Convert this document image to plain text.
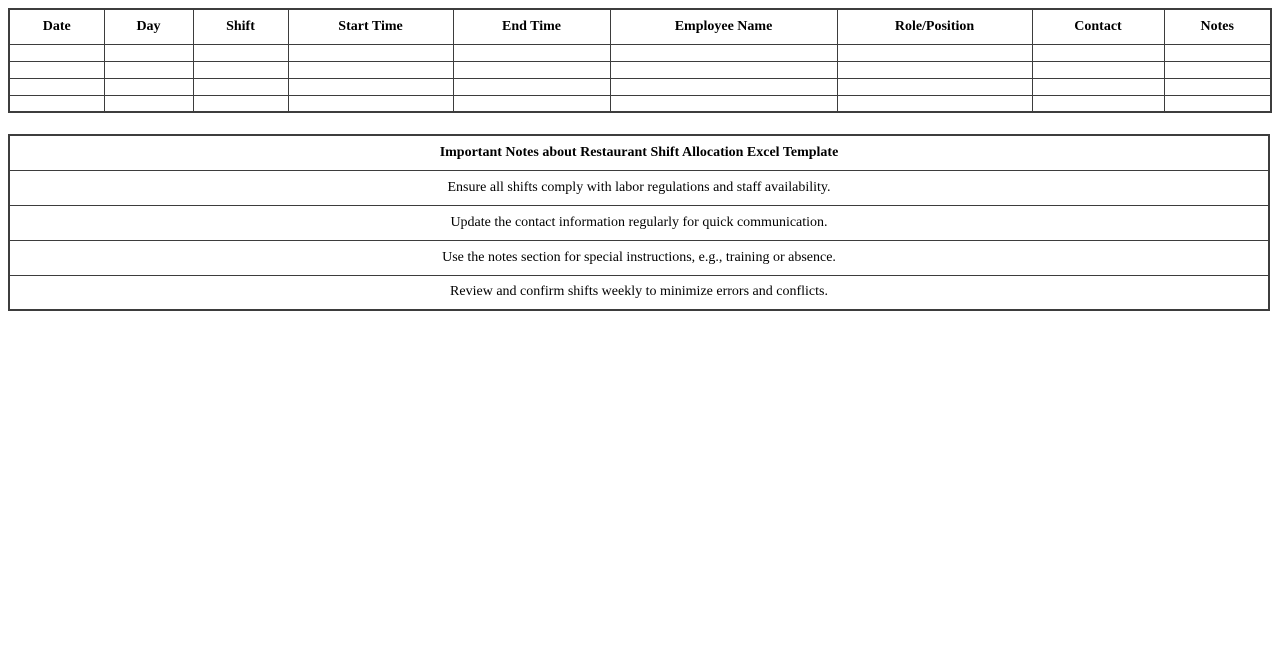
Date	Day	Shift	Start Time	End Time	Employee Name	Role/Position	Contact	Notes

Important Notes about Restaurant Shift Allocation Excel Template
Ensure all shifts comply with labor regulations and staff availability.
Update the contact information regularly for quick communication.
Use the notes section for special instructions, e.g., training or absence.
Review and confirm shifts weekly to minimize errors and conflicts.
